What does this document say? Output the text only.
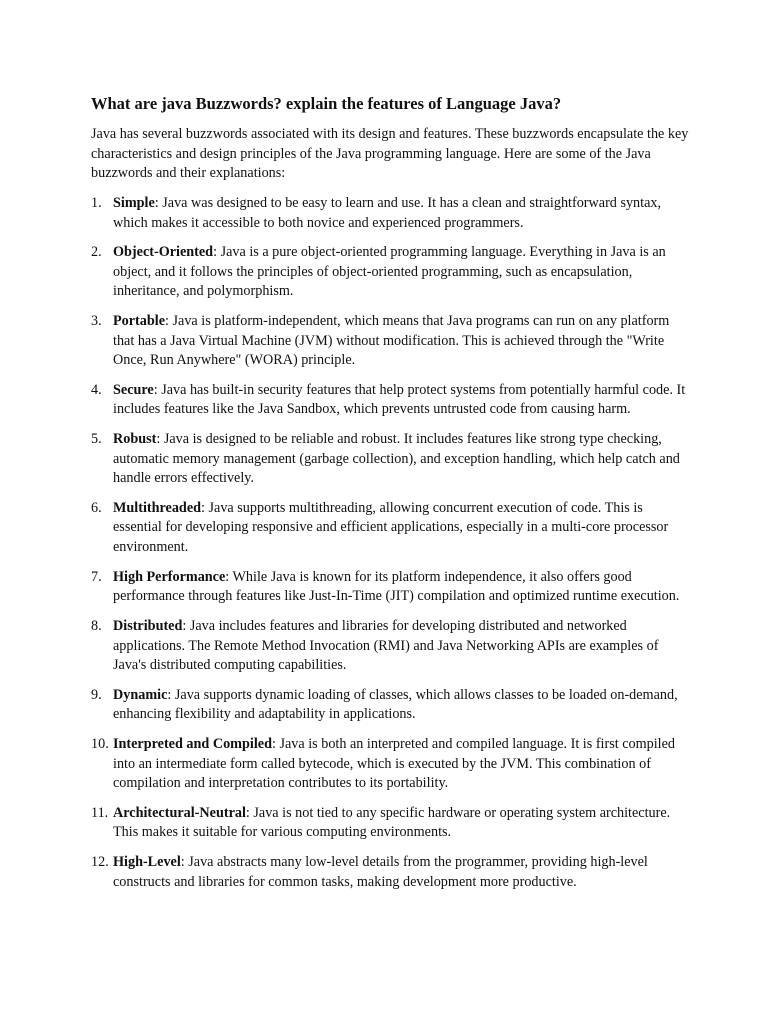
What are java Buzzwords? explain the features of Language Java?

Java has several buzzwords associated with its design and features. These buzzwords encapsulate the key characteristics and design principles of the Java programming language. Here are some of the Java buzzwords and their explanations:

1. Simple: Java was designed to be easy to learn and use. It has a clean and straightforward syntax, which makes it accessible to both novice and experienced programmers.
2. Object-Oriented: Java is a pure object-oriented programming language. Everything in Java is an object, and it follows the principles of object-oriented programming, such as encapsulation, inheritance, and polymorphism.
3. Portable: Java is platform-independent, which means that Java programs can run on any platform that has a Java Virtual Machine (JVM) without modification. This is achieved through the "Write Once, Run Anywhere" (WORA) principle.
4. Secure: Java has built-in security features that help protect systems from potentially harmful code. It includes features like the Java Sandbox, which prevents untrusted code from causing harm.
5. Robust: Java is designed to be reliable and robust. It includes features like strong type checking, automatic memory management (garbage collection), and exception handling, which help catch and handle errors effectively.
6. Multithreaded: Java supports multithreading, allowing concurrent execution of code. This is essential for developing responsive and efficient applications, especially in a multi-core processor environment.
7. High Performance: While Java is known for its platform independence, it also offers good performance through features like Just-In-Time (JIT) compilation and optimized runtime execution.
8. Distributed: Java includes features and libraries for developing distributed and networked applications. The Remote Method Invocation (RMI) and Java Networking APIs are examples of Java's distributed computing capabilities.
9. Dynamic: Java supports dynamic loading of classes, which allows classes to be loaded on-demand, enhancing flexibility and adaptability in applications.
10. Interpreted and Compiled: Java is both an interpreted and compiled language. It is first compiled into an intermediate form called bytecode, which is executed by the JVM. This combination of compilation and interpretation contributes to its portability.
11. Architectural-Neutral: Java is not tied to any specific hardware or operating system architecture. This makes it suitable for various computing environments.
12. High-Level: Java abstracts many low-level details from the programmer, providing high-level constructs and libraries for common tasks, making development more productive.
